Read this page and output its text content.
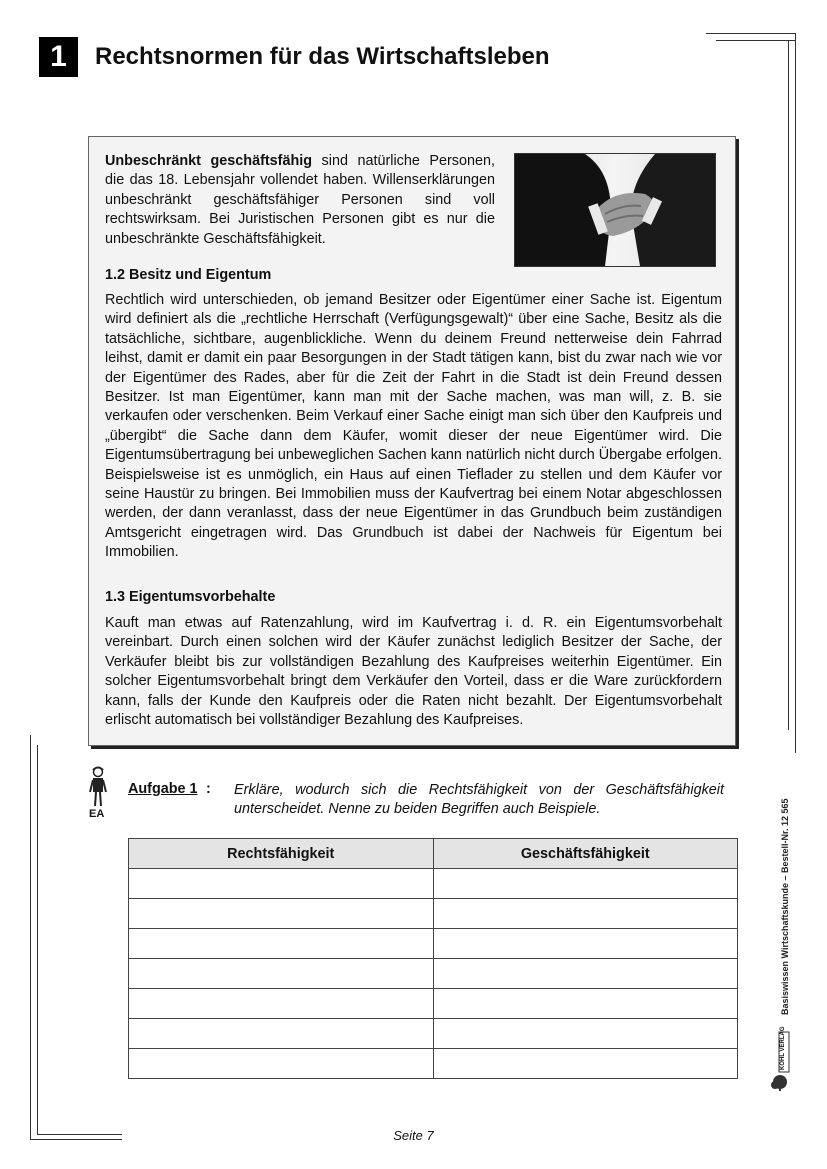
1	Rechtsnormen für das Wirtschaftsleben
Unbeschränkt geschäftsfähig sind natürliche Personen, die das 18. Lebensjahr vollendet haben. Willenserklärungen unbeschränkt geschäftsfähiger Personen sind voll rechtswirksam. Bei Juristischen Personen gibt es nur die unbeschränkte Geschäftsfähigkeit.
1.2 Besitz und Eigentum
Rechtlich wird unterschieden, ob jemand Besitzer oder Eigentümer einer Sache ist. Eigentum wird definiert als die „rechtliche Herrschaft (Verfügungsgewalt)“ über eine Sache, Besitz als die tatsächliche, sichtbare, augenblickliche. Wenn du deinem Freund netterweise dein Fahrrad leihst, damit er damit ein paar Besorgungen in der Stadt tätigen kann, bist du zwar nach wie vor der Eigentümer des Rades, aber für die Zeit der Fahrt in die Stadt ist dein Freund dessen Besitzer. Ist man Eigentümer, kann man mit der Sache machen, was man will, z. B. sie verkaufen oder verschenken. Beim Verkauf einer Sache einigt man sich über den Kaufpreis und „übergibt“ die Sache dann dem Käufer, womit dieser der neue Eigentümer wird. Die Eigentumsübertragung bei unbeweglichen Sachen kann natürlich nicht durch Übergabe erfolgen. Beispielsweise ist es unmöglich, ein Haus auf einen Tieflader zu stellen und dem Käufer vor seine Haustür zu bringen. Bei Immobilien muss der Kaufvertrag bei einem Notar abgeschlossen werden, der dann veranlasst, dass der neue Eigentümer in das Grundbuch beim zuständigen Amtsgericht eingetragen wird. Das Grundbuch ist dabei der Nachweis für Eigentum bei Immobilien.
1.3 Eigentumsvorbehalte
Kauft man etwas auf Ratenzahlung, wird im Kaufvertrag i. d. R. ein Eigentumsvorbehalt vereinbart. Durch einen solchen wird der Käufer zunächst lediglich Besitzer der Sache, der Verkäufer bleibt bis zur vollständigen Bezahlung des Kaufpreises weiterhin Eigentümer. Ein solcher Eigentumsvorbehalt bringt dem Verkäufer den Vorteil, dass er die Ware zurückfordern kann, falls der Kunde den Kaufpreis oder die Raten nicht bezahlt. Der Eigentumsvorbehalt erlischt automatisch bei vollständiger Bezahlung des Kaufpreises.
EA
Aufgabe 1 : Erkläre, wodurch sich die Rechtsfähigkeit von der Geschäftsfähigkeit unterscheidet. Nenne zu beiden Begriffen auch Beispiele.
Rechtsfähigkeit	Geschäftsfähigkeit

		Basiswissen Wirtschaftskunde – Bestell-Nr. 12 565
KOHL VERLAG
Seite 7
